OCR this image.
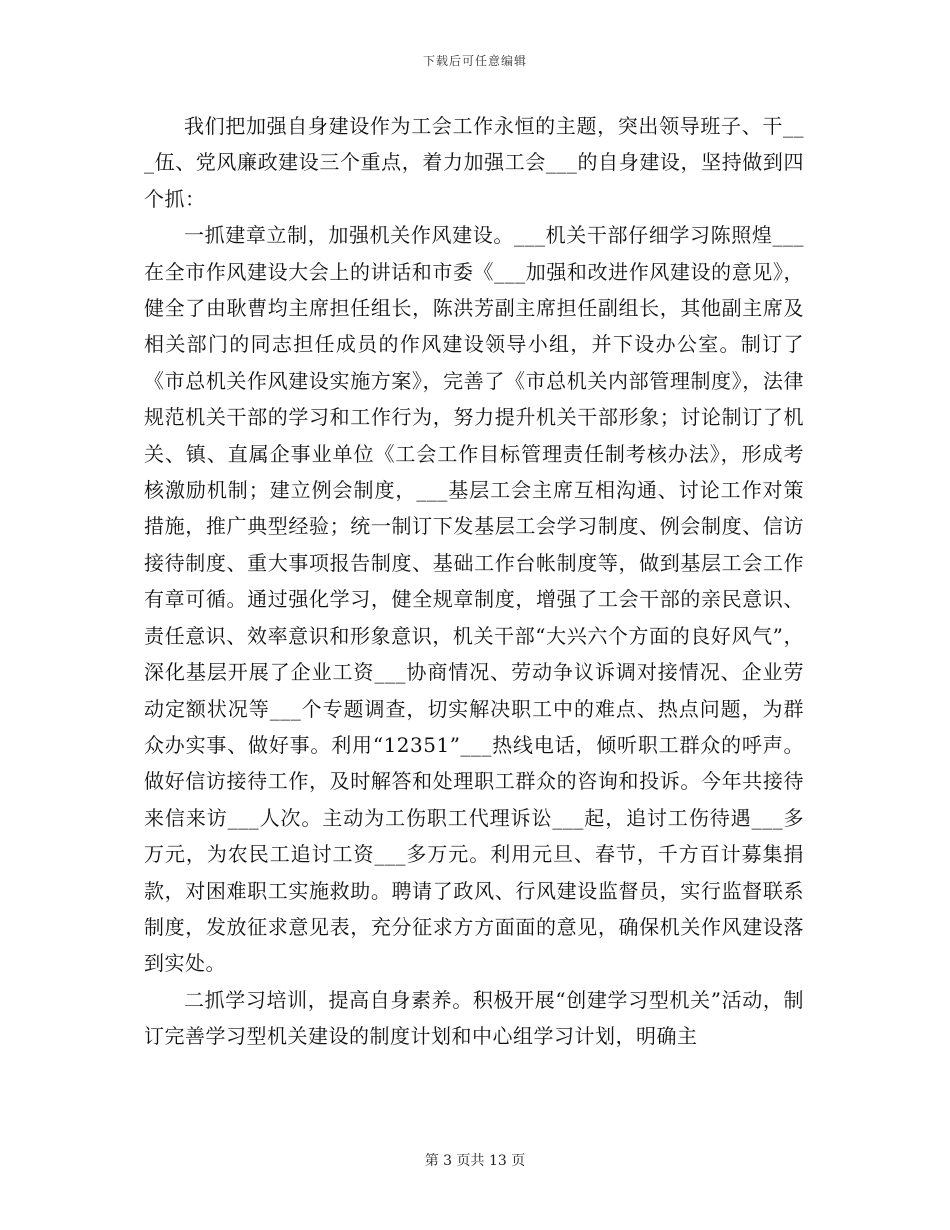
下载后可任意编辑

我们把加强自身建设作为工会工作永恒的主题，突出领导班子、干___伍、党风廉政建设三个重点，着力加强工会___的自身建设，坚持做到四个抓：

一抓建章立制，加强机关作风建设。___机关干部仔细学习陈照煌___在全市作风建设大会上的讲话和市委《___加强和改进作风建设的意见》，健全了由耿曹均主席担任组长，陈洪芳副主席担任副组长，其他副主席及相关部门的同志担任成员的作风建设领导小组，并下设办公室。制订了《市总机关作风建设实施方案》，完善了《市总机关内部管理制度》，法律规范机关干部的学习和工作行为，努力提升机关干部形象；讨论制订了机关、镇、直属企事业单位《工会工作目标管理责任制考核办法》，形成考核激励机制；建立例会制度，___基层工会主席互相沟通、讨论工作对策措施，推广典型经验；统一制订下发基层工会学习制度、例会制度、信访接待制度、重大事项报告制度、基础工作台帐制度等，做到基层工会工作有章可循。通过强化学习，健全规章制度，增强了工会干部的亲民意识、责任意识、效率意识和形象意识，机关干部“大兴六个方面的良好风气”，深化基层开展了企业工资___协商情况、劳动争议诉调对接情况、企业劳动定额状况等___个专题调查，切实解决职工中的难点、热点问题，为群众办实事、做好事。利用“12351”___热线电话，倾听职工群众的呼声。做好信访接待工作，及时解答和处理职工群众的咨询和投诉。今年共接待来信来访___人次。主动为工伤职工代理诉讼___起，追讨工伤待遇___多万元，为农民工追讨工资___多万元。利用元旦、春节，千方百计募集捐款，对困难职工实施救助。聘请了政风、行风建设监督员，实行监督联系制度，发放征求意见表，充分征求方方面面的意见，确保机关作风建设落到实处。

二抓学习培训，提高自身素养。积极开展“创建学习型机关”活动，制订完善学习型机关建设的制度计划和中心组学习计划，明确主

第 3 页共 13 页
